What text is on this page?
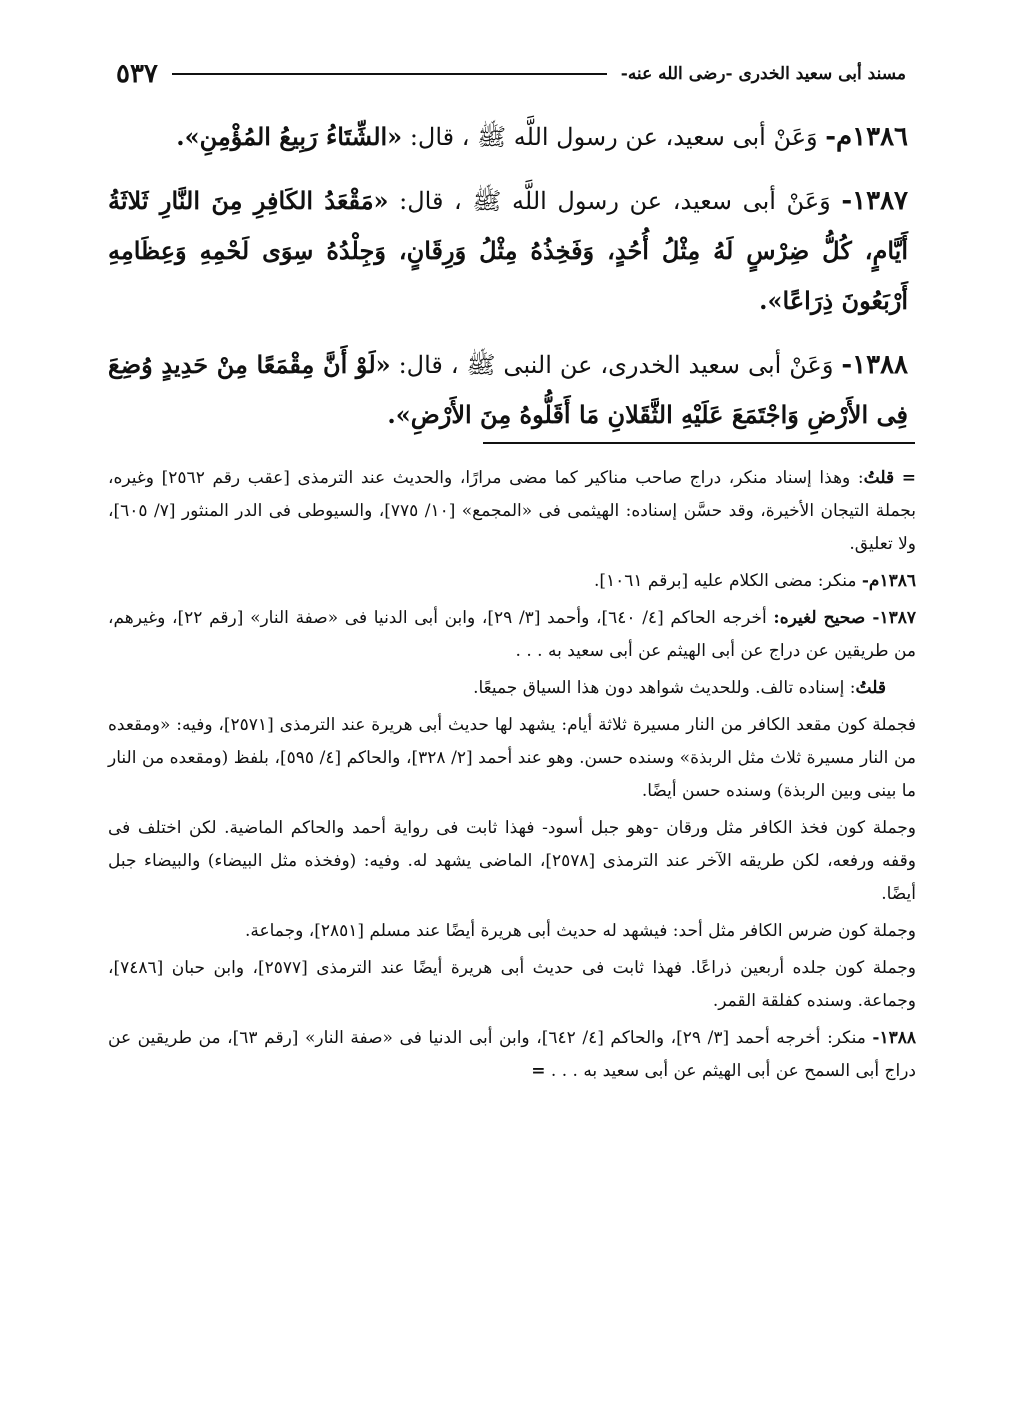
مسند أبى سعيد الخدرى -رضى الله عنه-
٥٣٧

١٣٨٦م- وَعَنْ أبى سعيد، عن رسول اللَّه ﷺ ، قال: «الشِّتَاءُ رَبِيعُ المُؤْمِنِ».

١٣٨٧- وَعَنْ أبى سعيد، عن رسول اللَّه ﷺ ، قال: «مَقْعَدُ الكَافِرِ مِنَ النَّارِ ثَلاثَةُ أَيَّامٍ، كُلُّ ضِرْسٍ لَهُ مِثْلُ أُحُدٍ، وَفَخِذُهُ مِثْلُ وَرِقَانٍ، وَجِلْدُهُ سِوَى لَحْمِهِ وَعِظَامِهِ أَرْبَعُونَ ذِرَاعًا».

١٣٨٨- وَعَنْ أبى سعيد الخدرى، عن النبى ﷺ ، قال: «لَوْ أَنَّ مِقْمَعًا مِنْ حَدِيدٍ وُضِعَ فِى الأَرْضِ وَاجْتَمَعَ عَلَيْهِ الثَّقَلانِ مَا أَقَلُّوهُ مِنَ الأَرْضِ».

= قلتُ: وهذا إسناد منكر، دراج صاحب مناكير كما مضى مرارًا، والحديث عند الترمذى [عقب رقم ٢٥٦٢] وغيره، بجملة التيجان الأخيرة، وقد حسَّن إسناده: الهيثمى فى «المجمع» [١٠/ ٧٧٥]، والسيوطى فى الدر المنثور [٧/ ٦٠٥]، ولا تعليق.

١٣٨٦م- منكر: مضى الكلام عليه [برقم ١٠٦١].

١٣٨٧- صحيح لغيره: أخرجه الحاكم [٤/ ٦٤٠]، وأحمد [٣/ ٢٩]، وابن أبى الدنيا فى «صفة النار» [رقم ٢٢]، وغيرهم، من طريقين عن دراج عن أبى الهيثم عن أبى سعيد به . . .

قلتُ: إسناده تالف. وللحديث شواهد دون هذا السياق جميعًا.

فجملة كون مقعد الكافر من النار مسيرة ثلاثة أيام: يشهد لها حديث أبى هريرة عند الترمذى [٢٥٧١]، وفيه: «ومقعده من النار مسيرة ثلاث مثل الربذة» وسنده حسن. وهو عند أحمد [٢/ ٣٢٨]، والحاكم [٤/ ٥٩٥]، بلفظ (ومقعده من النار ما بينى وبين الربذة) وسنده حسن أيضًا.

وجملة كون فخذ الكافر مثل ورقان -وهو جبل أسود- فهذا ثابت فى رواية أحمد والحاكم الماضية. لكن اختلف فى وقفه ورفعه، لكن طريقه الآخر عند الترمذى [٢٥٧٨]، الماضى يشهد له. وفيه: (وفخذه مثل البيضاء) والبيضاء جبل أيضًا.

وجملة كون ضرس الكافر مثل أحد: فيشهد له حديث أبى هريرة أيضًا عند مسلم [٢٨٥١]، وجماعة.

وجملة كون جلده أربعين ذراعًا. فهذا ثابت فى حديث أبى هريرة أيضًا عند الترمذى [٢٥٧٧]، وابن حبان [٧٤٨٦]، وجماعة. وسنده كفلقة القمر.

١٣٨٨- منكر: أخرجه أحمد [٣/ ٢٩]، والحاكم [٤/ ٦٤٢]، وابن أبى الدنيا فى «صفة النار» [رقم ٦٣]، من طريقين عن دراج أبى السمح عن أبى الهيثم عن أبى سعيد به . . . =
